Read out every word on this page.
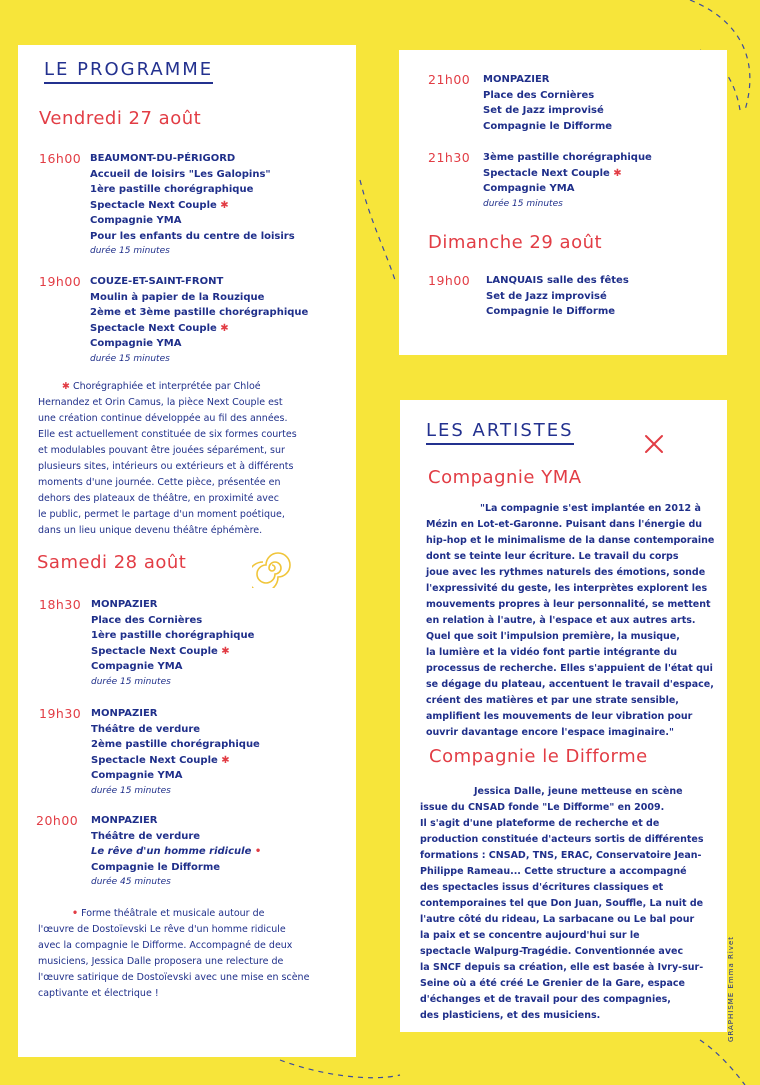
LE PROGRAMME
Vendredi 27 août
16h00 BEAUMONT-DU-PÉRIGORD
Accueil de loisirs "Les Galopins"
1ère pastille chorégraphique
Spectacle Next Couple ✱
Compagnie YMA
Pour les enfants du centre de loisirs
durée 15 minutes
19h00 COUZE-ET-SAINT-FRONT
Moulin à papier de la Rouzique
2ème et 3ème pastille chorégraphique
Spectacle Next Couple ✱
Compagnie YMA
durée 15 minutes
✱ Chorégraphiée et interprétée par Chloé
Hernandez et Orin Camus, la pièce Next Couple est
une création continue développée au fil des années.
Elle est actuellement constituée de six formes courtes
et modulables pouvant être jouées séparément, sur
plusieurs sites, intérieurs ou extérieurs et à différents
moments d'une journée. Cette pièce, présentée en
dehors des plateaux de théâtre, en proximité avec
le public, permet le partage d'un moment poétique,
dans un lieu unique devenu théâtre éphémère.
Samedi 28 août
18h30 MONPAZIER
Place des Cornières
1ère pastille chorégraphique
Spectacle Next Couple ✱
Compagnie YMA
durée 15 minutes
19h30 MONPAZIER
Théâtre de verdure
2ème pastille chorégraphique
Spectacle Next Couple ✱
Compagnie YMA
durée 15 minutes
20h00 MONPAZIER
Théâtre de verdure
Le rêve d'un homme ridicule •
Compagnie le Difforme
durée 45 minutes
• Forme théâtrale et musicale autour de
l'œuvre de Dostoïevski Le rêve d'un homme ridicule
avec la compagnie le Difforme. Accompagné de deux
musiciens, Jessica Dalle proposera une relecture de
l'œuvre satirique de Dostoïevski avec une mise en scène
captivante et électrique !
21h00 MONPAZIER
Place des Cornières
Set de Jazz improvisé
Compagnie le Difforme
21h30 3ème pastille chorégraphique
Spectacle Next Couple ✱
Compagnie YMA
durée 15 minutes
Dimanche 29 août
19h00 LANQUAIS salle des fêtes
Set de Jazz improvisé
Compagnie le Difforme
LES ARTISTES
Compagnie YMA
"La compagnie s'est implantée en 2012 à
Mézin en Lot-et-Garonne. Puisant dans l'énergie du
hip-hop et le minimalisme de la danse contemporaine
dont se teinte leur écriture. Le travail du corps
joue avec les rythmes naturels des émotions, sonde
l'expressivité du geste, les interprètes explorent les
mouvements propres à leur personnalité, se mettent
en relation à l'autre, à l'espace et aux autres arts.
Quel que soit l'impulsion première, la musique,
la lumière et la vidéo font partie intégrante du
processus de recherche. Elles s'appuient de l'état qui
se dégage du plateau, accentuent le travail d'espace,
créent des matières et par une strate sensible,
amplifient les mouvements de leur vibration pour
ouvrir davantage encore l'espace imaginaire."
Compagnie le Difforme
Jessica Dalle, jeune metteuse en scène
issue du CNSAD fonde "Le Difforme" en 2009.
Il s'agit d'une plateforme de recherche et de
production constituée d'acteurs sortis de différentes
formations : CNSAD, TNS, ERAC, Conservatoire Jean-
Philippe Rameau... Cette structure a accompagné
des spectacles issus d'écritures classiques et
contemporaines tel que Don Juan, Souffle, La nuit de
l'autre côté du rideau, La sarbacane ou Le bal pour
la paix et se concentre aujourd'hui sur le
spectacle Walpurg-Tragédie. Conventionnée avec
la SNCF depuis sa création, elle est basée à Ivry-sur-
Seine où a été créé Le Grenier de la Gare, espace
d'échanges et de travail pour des compagnies,
des plasticiens, et des musiciens.	GRAPHISME Emma Rivet
